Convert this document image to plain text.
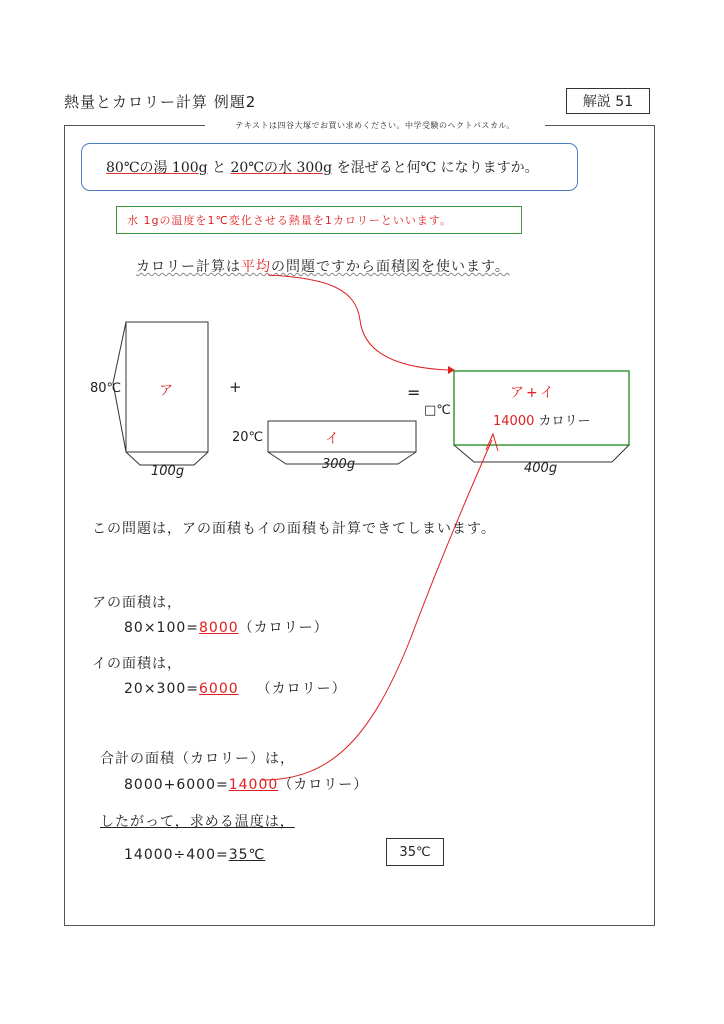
熱量とカロリー計算 例題2	解説 51
テキストは四谷大塚でお買い求めください。中学受験のヘクトパスカル。
80℃の湯 100g と 20℃の水 300g を混ぜると何℃ になりますか。
水 1gの温度を1℃変化させる熱量を1カロリーといいます。
カロリー計算は平均の問題ですから面積図を使います。
80℃	ア
100g
+
20℃	イ
300g
=
□℃
ア+イ
14000 カロリー
400g
この問題は，アの面積もイの面積も計算できてしまいます。
アの面積は，
80×100=8000（カロリー）
イの面積は，
20×300=6000 （カロリー）
合計の面積（カロリー）は，
8000+6000=14000（カロリー）
したがって，求める温度は，
14000÷400=35℃	35℃
